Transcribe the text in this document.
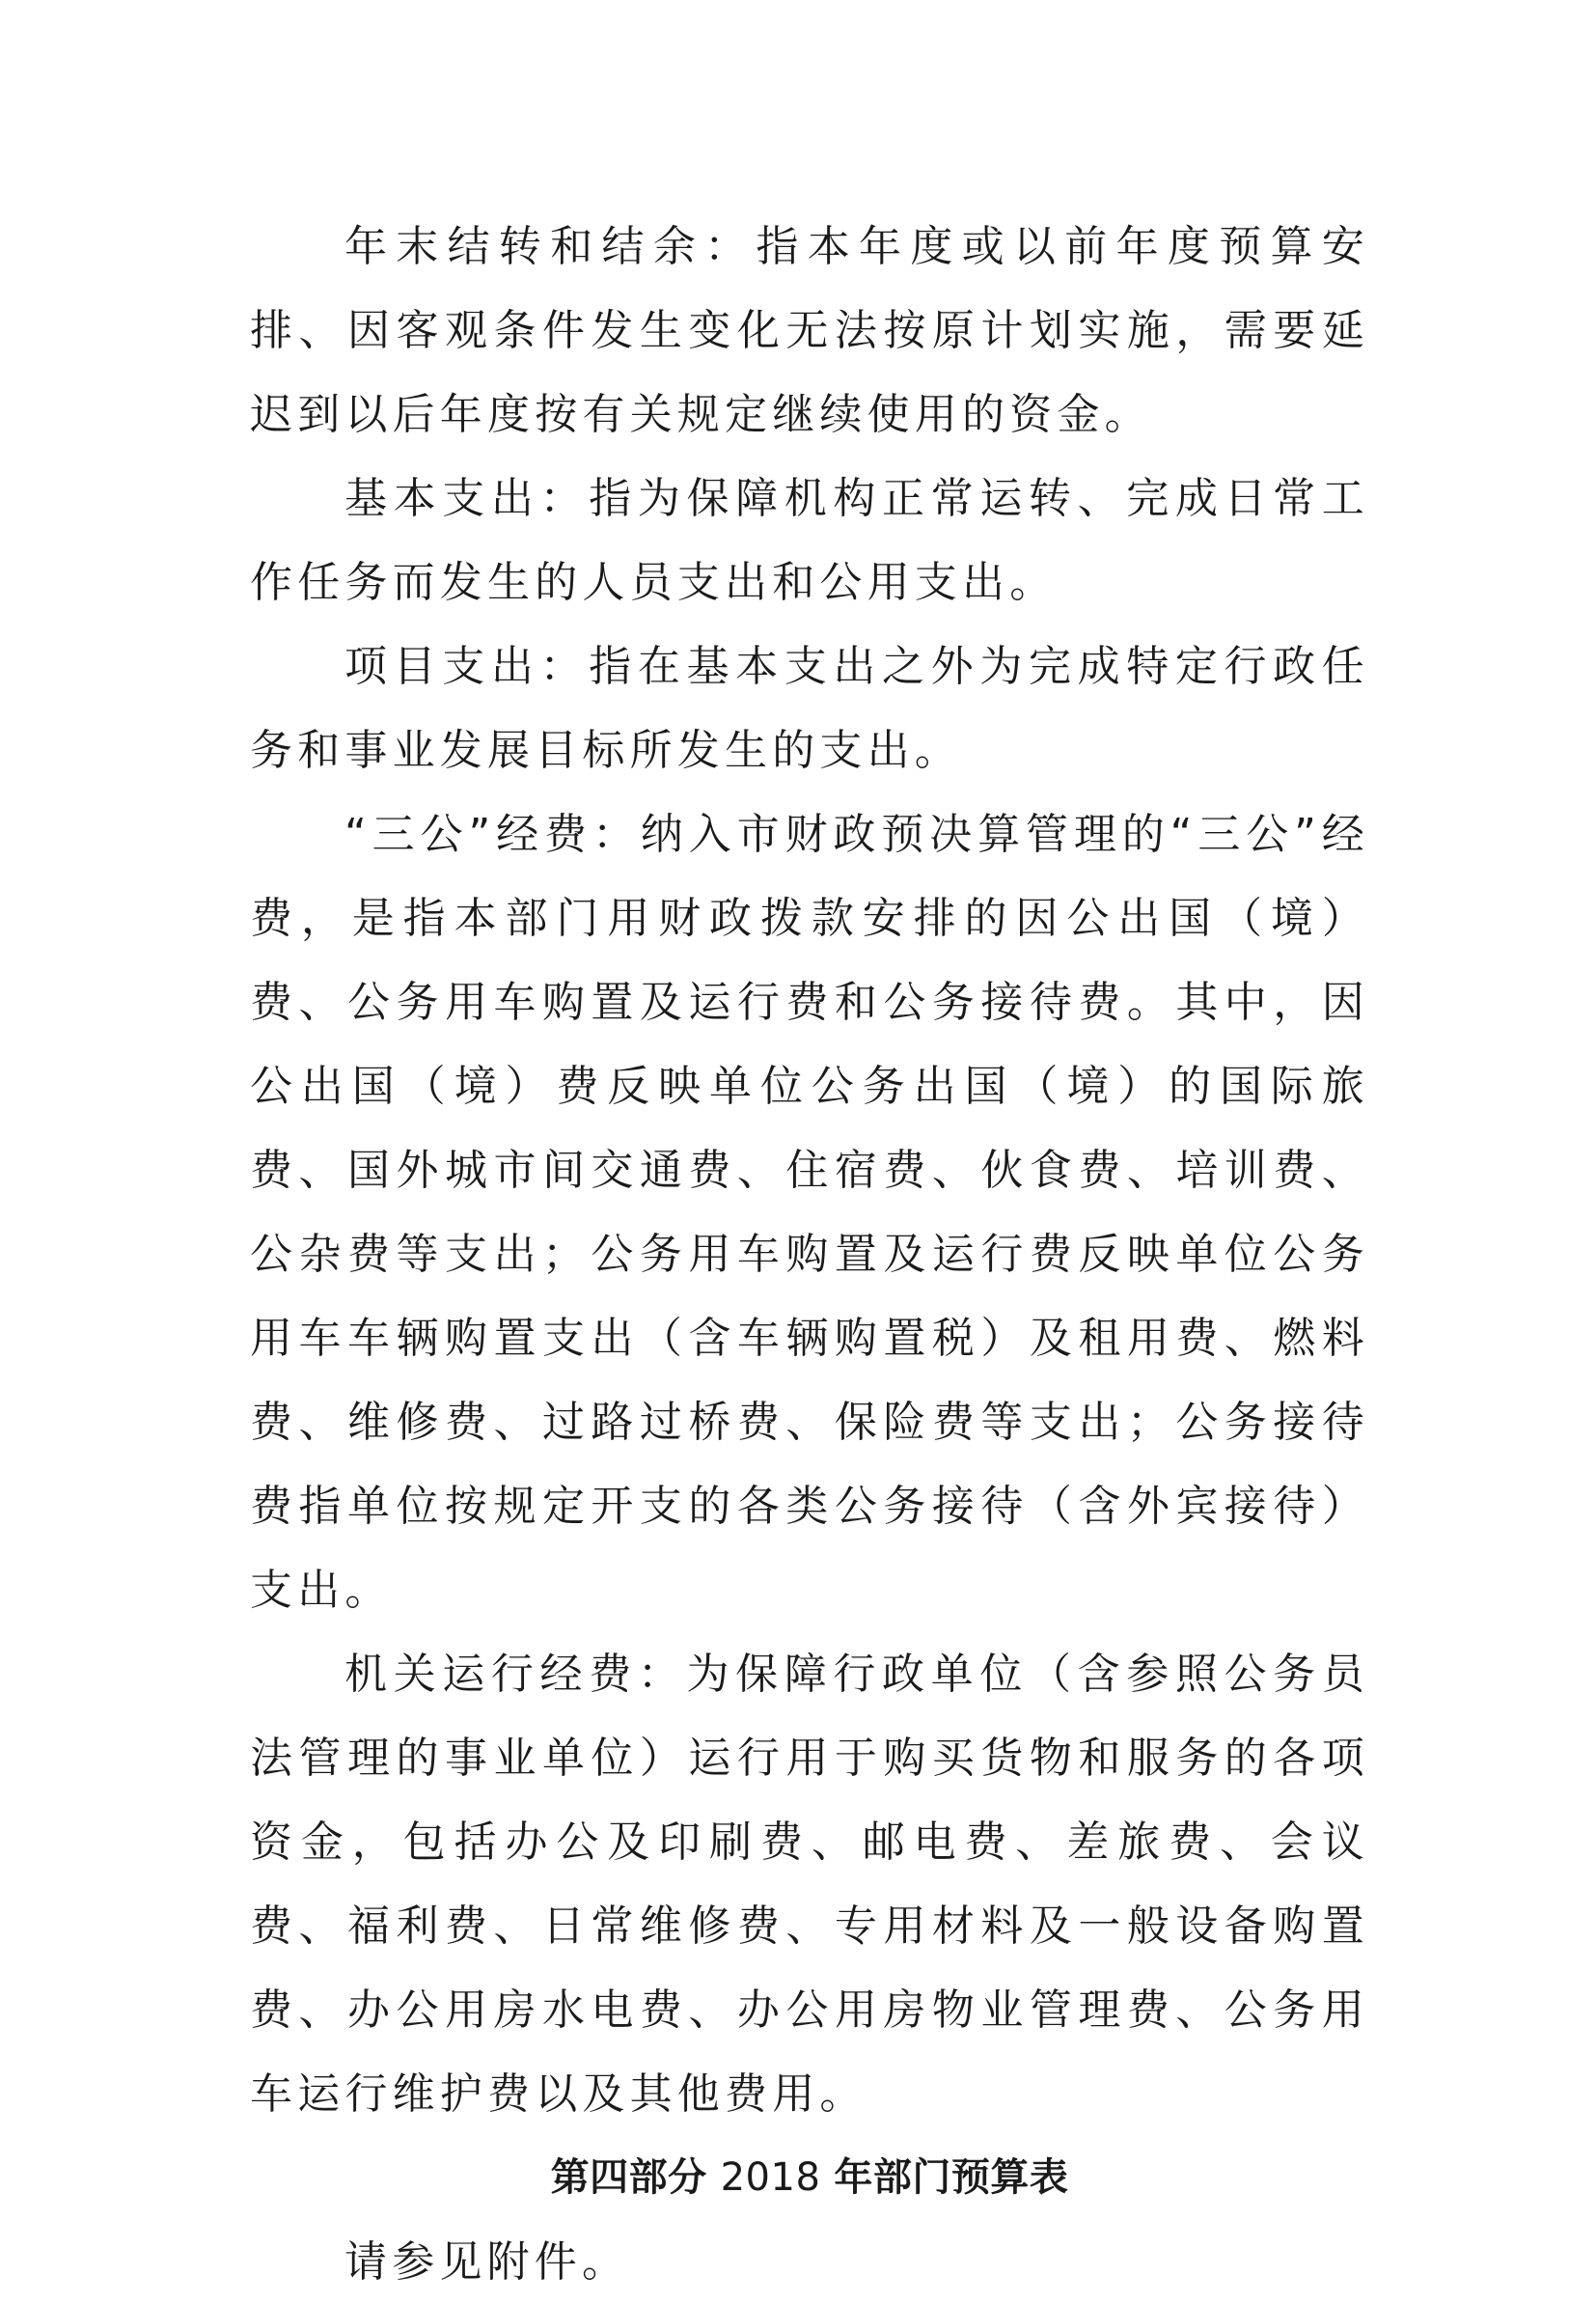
年末结转和结余：指本年度或以前年度预算安排、因客观条件发生变化无法按原计划实施，需要延迟到以后年度按有关规定继续使用的资金。

基本支出：指为保障机构正常运转、完成日常工作任务而发生的人员支出和公用支出。

项目支出：指在基本支出之外为完成特定行政任务和事业发展目标所发生的支出。

“三公”经费：纳入市财政预决算管理的“三公”经费，是指本部门用财政拨款安排的因公出国（境）费、公务用车购置及运行费和公务接待费。其中，因公出国（境）费反映单位公务出国（境）的国际旅费、国外城市间交通费、住宿费、伙食费、培训费、公杂费等支出；公务用车购置及运行费反映单位公务用车车辆购置支出（含车辆购置税）及租用费、燃料费、维修费、过路过桥费、保险费等支出；公务接待费指单位按规定开支的各类公务接待（含外宾接待）支出。

机关运行经费：为保障行政单位（含参照公务员法管理的事业单位）运行用于购买货物和服务的各项资金，包括办公及印刷费、邮电费、差旅费、会议费、福利费、日常维修费、专用材料及一般设备购置费、办公用房水电费、办公用房物业管理费、公务用车运行维护费以及其他费用。

第四部分 2018 年部门预算表

请参见附件。
